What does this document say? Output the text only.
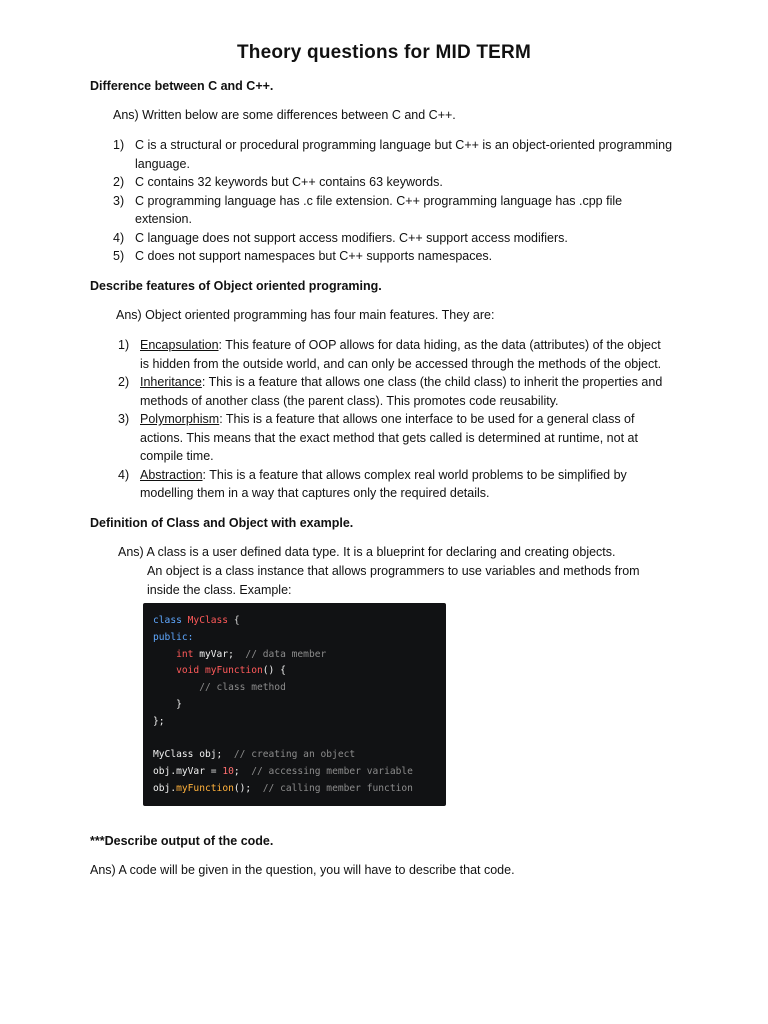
Theory questions for MID TERM
Difference between C and C++.
Ans) Written below are some differences between C and C++.
1) C is a structural or procedural programming language but C++ is an object-oriented programming
language.
2) C contains 32 keywords but C++ contains 63 keywords.
3) C programming language has .c file extension. C++ programming language has .cpp file
extension.
4) C language does not support access modifiers. C++ support access modifiers.
5) C does not support namespaces but C++ supports namespaces.
Describe features of Object oriented programing.
Ans) Object oriented programming has four main features. They are:
1) Encapsulation: This feature of OOP allows for data hiding, as the data (attributes) of the object
is hidden from the outside world, and can only be accessed through the methods of the object.
2) Inheritance: This is a feature that allows one class (the child class) to inherit the properties and
methods of another class (the parent class). This promotes code reusability.
3) Polymorphism: This is a feature that allows one interface to be used for a general class of
actions. This means that the exact method that gets called is determined at runtime, not at
compile time.
4) Abstraction: This is a feature that allows complex real world problems to be simplified by
modelling them in a way that captures only the required details.
Definition of Class and Object with example.
Ans) A class is a user defined data type. It is a blueprint for declaring and creating objects.
An object is a class instance that allows programmers to use variables and methods from
inside the class. Example:
class MyClass {
public:
int myVar;  // data member
void myFunction() {
// class method
}
};
MyClass obj;  // creating an object
obj.myVar = 10;  // accessing member variable
obj.myFunction();  // calling member function
***Describe output of the code.
Ans) A code will be given in the question, you will have to describe that code.
